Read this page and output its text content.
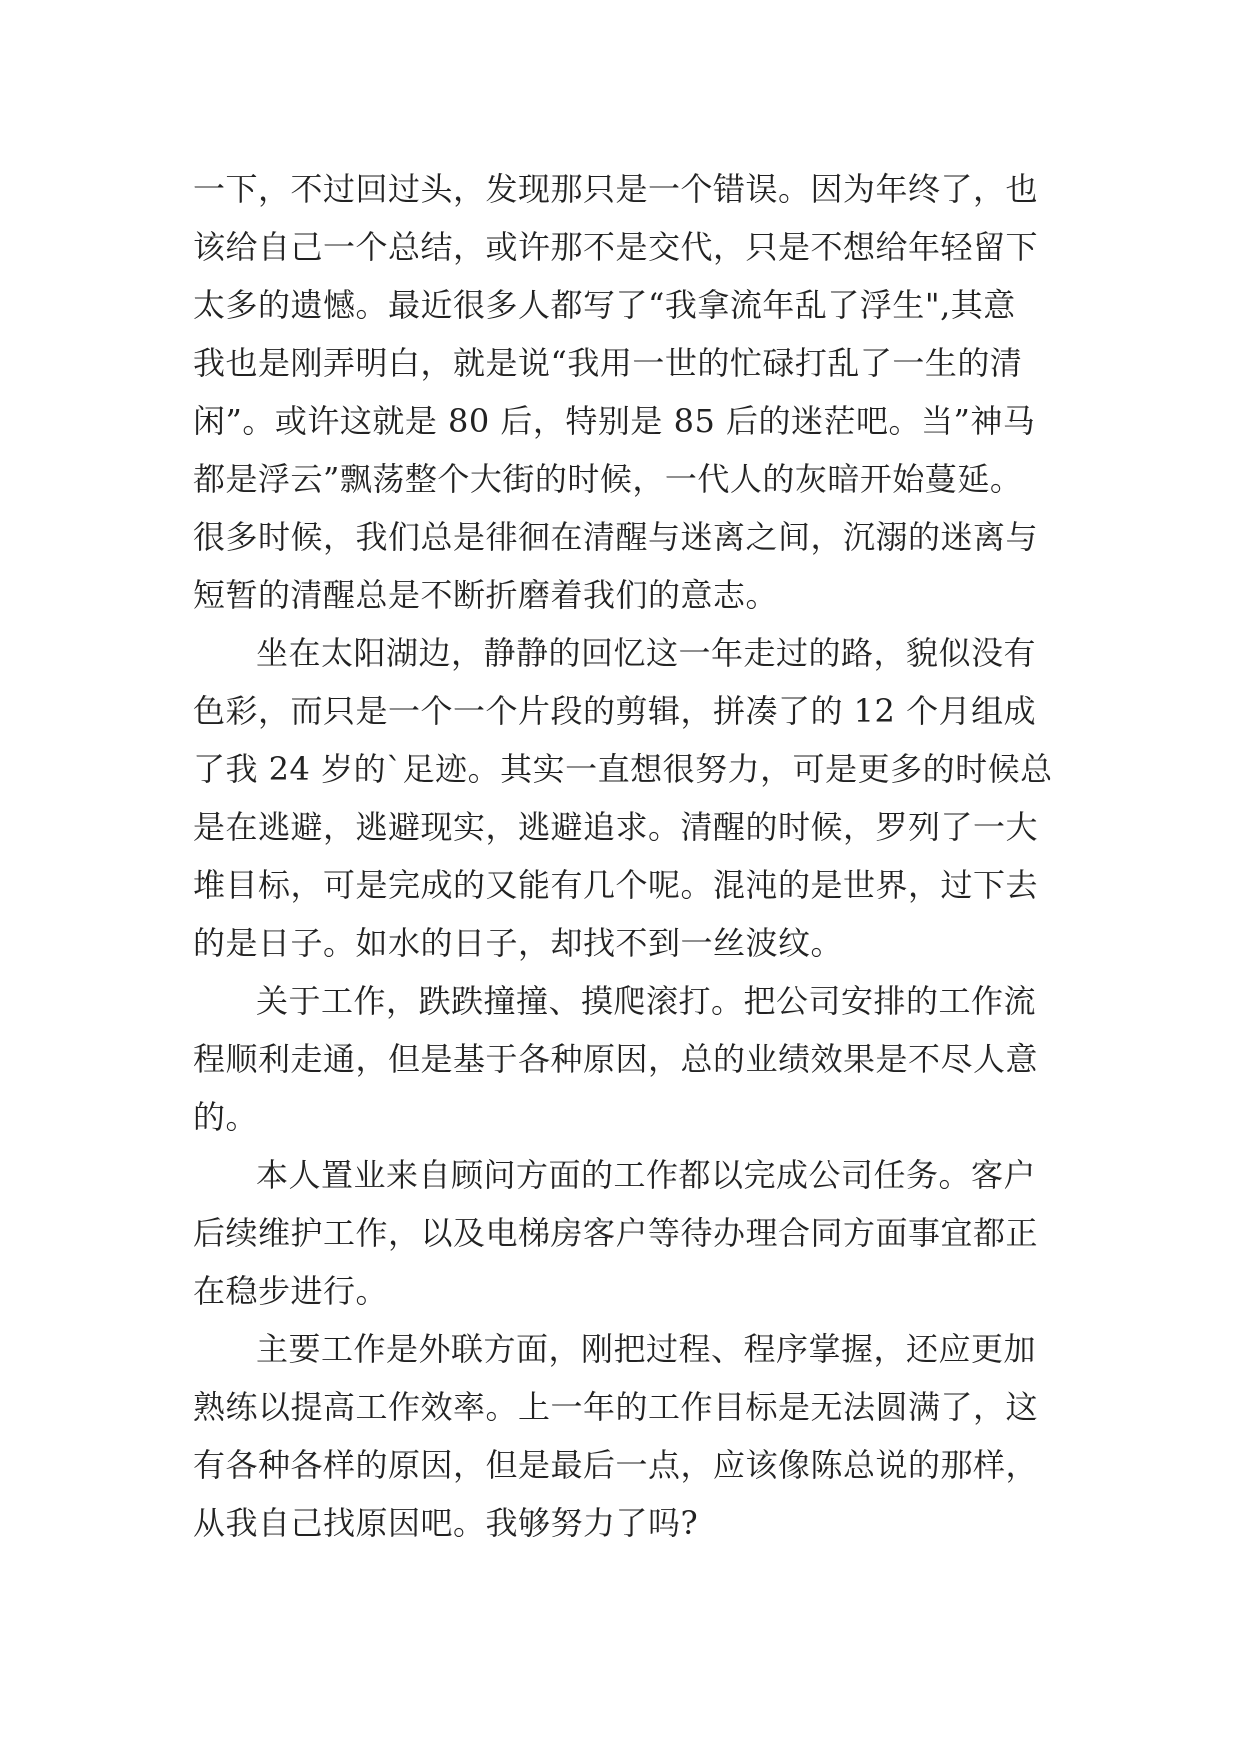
一下，不过回过头，发现那只是一个错误。因为年终了，也
该给自己一个总结，或许那不是交代，只是不想给年轻留下
太多的遗憾。最近很多人都写了“我拿流年乱了浮生",其意
我也是刚弄明白，就是说“我用一世的忙碌打乱了一生的清
闲”。或许这就是 80 后，特别是 85 后的迷茫吧。当”神马
都是浮云”飘荡整个大街的时候，一代人的灰暗开始蔓延。
很多时候，我们总是徘徊在清醒与迷离之间，沉溺的迷离与
短暂的清醒总是不断折磨着我们的意志。
坐在太阳湖边，静静的回忆这一年走过的路，貌似没有
色彩，而只是一个一个片段的剪辑，拼凑了的 12 个月组成
了我 24 岁的`足迹。其实一直想很努力，可是更多的时候总
是在逃避，逃避现实，逃避追求。清醒的时候，罗列了一大
堆目标，可是完成的又能有几个呢。混沌的是世界，过下去
的是日子。如水的日子，却找不到一丝波纹。
关于工作，跌跌撞撞、摸爬滚打。把公司安排的工作流
程顺利走通，但是基于各种原因，总的业绩效果是不尽人意
的。
本人置业来自顾问方面的工作都以完成公司任务。客户
后续维护工作，以及电梯房客户等待办理合同方面事宜都正
在稳步进行。
主要工作是外联方面，刚把过程、程序掌握，还应更加
熟练以提高工作效率。上一年的工作目标是无法圆满了，这
有各种各样的原因，但是最后一点，应该像陈总说的那样，
从我自己找原因吧。我够努力了吗?
